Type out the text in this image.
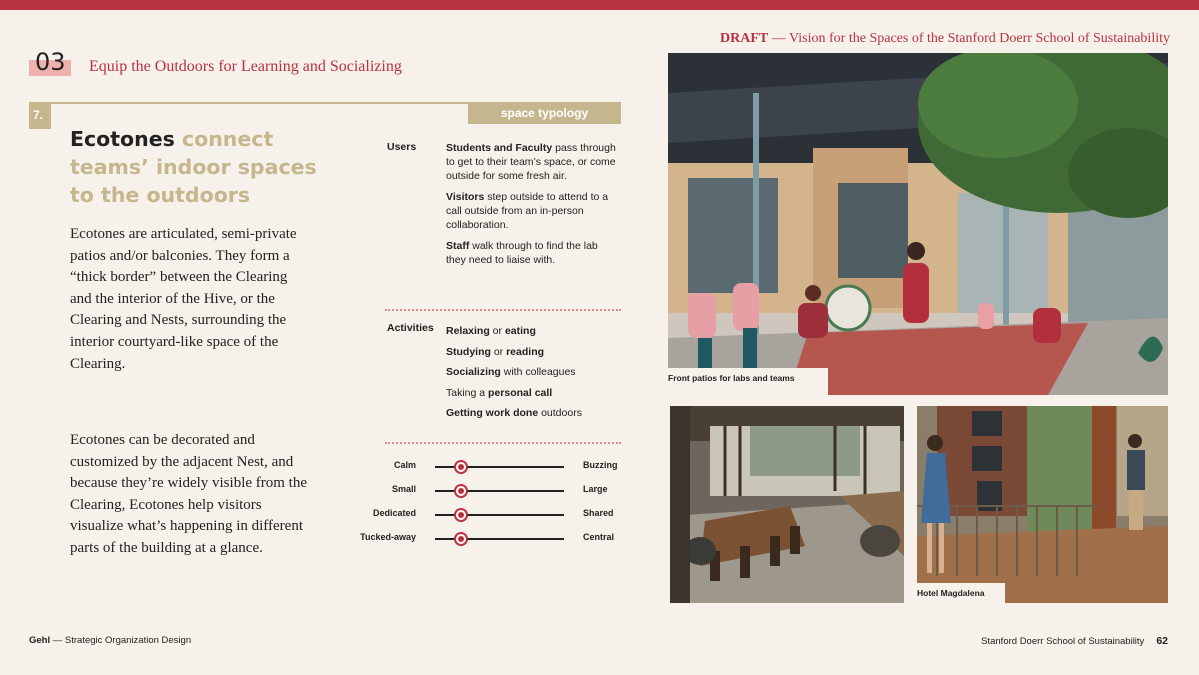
DRAFT — Vision for the Spaces of the Stanford Doerr School of Sustainability
03	Equip the Outdoors for Learning and Socializing
7.	space typology
Ecotones connect teams’ indoor spaces to the outdoors
Ecotones are articulated, semi-private patios and/or balconies. They form a “thick border” between the Clearing and the interior of the Hive, or the Clearing and Nests, surrounding the interior courtyard-like space of the Clearing.
Ecotones can be decorated and customized by the adjacent Nest, and because they’re widely visible from the Clearing, Ecotones help visitors visualize what’s happening in different parts of the building at a glance.
Users	Students and Faculty pass through to get to their team’s space, or come outside for some fresh air.

Visitors step outside to attend to a call outside from an in-person collaboration.

Staff walk through to find the lab they need to liaise with.

Activities Relaxing or eating
Studying or reading
Socializing with colleagues
Taking a personal call
Getting work done outdoors
Calm	Buzzing
Small	Large
Dedicated	Shared
Tucked-away	Central
Front patios for labs and teams
Hotel Magdalena
Gehl — Strategic Organization Design	Stanford Doerr School of Sustainability 62
